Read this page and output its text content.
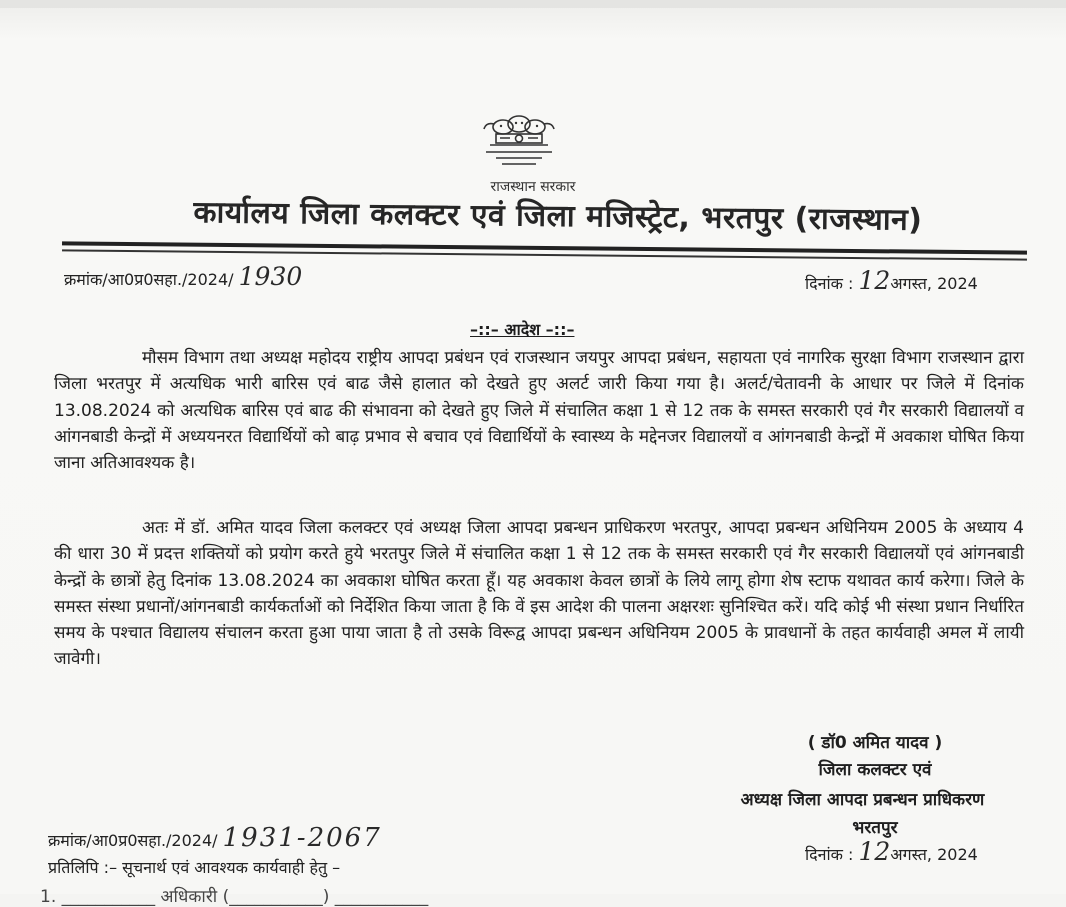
राजस्थान सरकार
कार्यालय जिला कलक्टर एवं जिला मजिस्ट्रेट, भरतपुर (राजस्थान)
क्रमांक/आ0प्र0सहा./2024/ 1930	दिनांक : 12अगस्त, 2024
–::– आदेश –::–
मौसम विभाग तथा अध्यक्ष महोदय राष्ट्रीय आपदा प्रबंधन एवं राजस्थान जयपुर आपदा प्रबंधन, सहायता एवं नागरिक सुरक्षा विभाग राजस्थान द्वारा जिला भरतपुर में अत्यधिक भारी बारिस एवं बाढ जैसे हालात को देखते हुए अलर्ट जारी किया गया है। अलर्ट/चेतावनी के आधार पर जिले में दिनांक 13.08.2024 को अत्यधिक बारिस एवं बाढ की संभावना को देखते हुए जिले में संचालित कक्षा 1 से 12 तक के समस्त सरकारी एवं गैर सरकारी विद्यालयों व आंगनबाडी केन्द्रों में अध्ययनरत विद्यार्थियों को बाढ़ प्रभाव से बचाव एवं विद्यार्थियों के स्वास्थ्य के मद्देनजर विद्यालयों व आंगनबाडी केन्द्रों में अवकाश घोषित किया जाना अतिआवश्यक है।
अतः में डॉ. अमित यादव जिला कलक्टर एवं अध्यक्ष जिला आपदा प्रबन्धन प्राधिकरण भरतपुर, आपदा प्रबन्धन अधिनियम 2005 के अध्याय 4 की धारा 30 में प्रदत्त शक्तियों को प्रयोग करते हुये भरतपुर जिले में संचालित कक्षा 1 से 12 तक के समस्त सरकारी एवं गैर सरकारी विद्यालयों एवं आंगनबाडी केन्द्रों के छात्रों हेतु दिनांक 13.08.2024 का अवकाश घोषित करता हूँ। यह अवकाश केवल छात्रों के लिये लागू होगा शेष स्टाफ यथावत कार्य करेगा। जिले के समस्त संस्था प्रधानों/आंगनबाडी कार्यकर्ताओं को निर्देशित किया जाता है कि वें इस आदेश की पालना अक्षरशः सुनिश्चित करें। यदि कोई भी संस्था प्रधान निर्धारित समय के पश्चात विद्यालय संचालन करता हुआ पाया जाता है तो उसके विरूद्व आपदा प्रबन्धन अधिनियम 2005 के प्रावधानों के तहत कार्यवाही अमल में लायी जावेगी।
( डॉ0 अमित यादव )
जिला कलक्टर एवं
अध्यक्ष जिला आपदा प्रबन्धन प्राधिकरण
भरतपुर
दिनांक : 12अगस्त, 2024
क्रमांक/आ0प्र0सहा./2024/ 1931-2067
प्रतिलिपि :– सूचनार्थ एवं आवश्यक कार्यवाही हेतु –
1. ___________ अधिकारी (___________) ___________
